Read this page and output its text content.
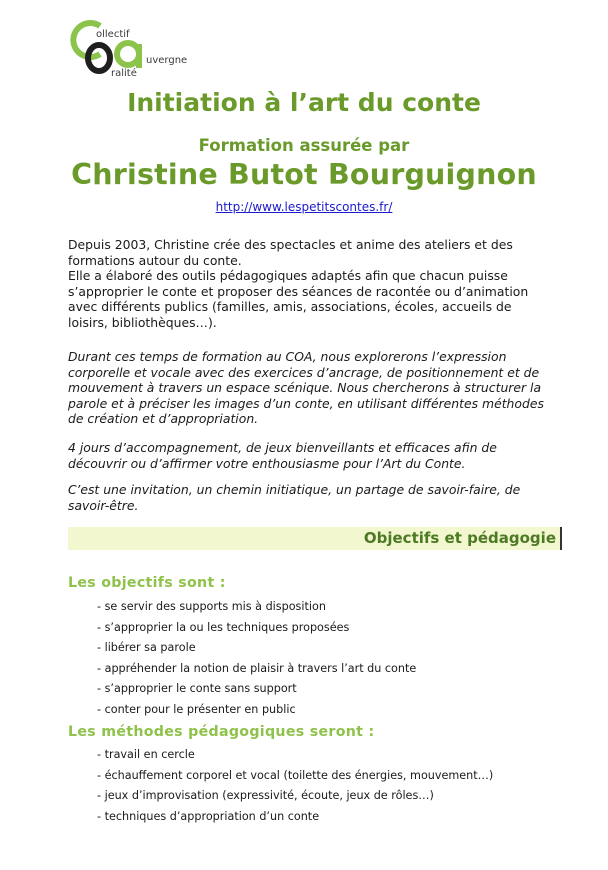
ollectif
uvergne
ralité
Initiation à l’art du conte
Formation assurée par
Christine Butot Bourguignon
http://www.lespetitscontes.fr/
Depuis 2003, Christine crée des spectacles et anime des ateliers et des
formations autour du conte.
Elle a élaboré des outils pédagogiques adaptés afin que chacun puisse
s’approprier le conte et proposer des séances de racontée ou d’animation
avec différents publics (familles, amis, associations, écoles, accueils de
loisirs, bibliothèques…).
Durant ces temps de formation au COA, nous explorerons l’expression
corporelle et vocale avec des exercices d’ancrage, de positionnement et de
mouvement à travers un espace scénique. Nous chercherons à structurer la
parole et à préciser les images d’un conte, en utilisant différentes méthodes
de création et d’appropriation.
4 jours d’accompagnement, de jeux bienveillants et efficaces afin de
découvrir ou d’affirmer votre enthousiasme pour l’Art du Conte.
C’est une invitation, un chemin initiatique, un partage de savoir-faire, de
savoir-être.
Objectifs et pédagogie
Les objectifs sont :
- se servir des supports mis à disposition
- s’approprier la ou les techniques proposées
- libérer sa parole
- appréhender la notion de plaisir à travers l’art du conte
- s’approprier le conte sans support
- conter pour le présenter en public
Les méthodes pédagogiques seront :
- travail en cercle
- échauffement corporel et vocal (toilette des énergies, mouvement…)
- jeux d’improvisation (expressivité, écoute, jeux de rôles…)
- techniques d’appropriation d’un conte
